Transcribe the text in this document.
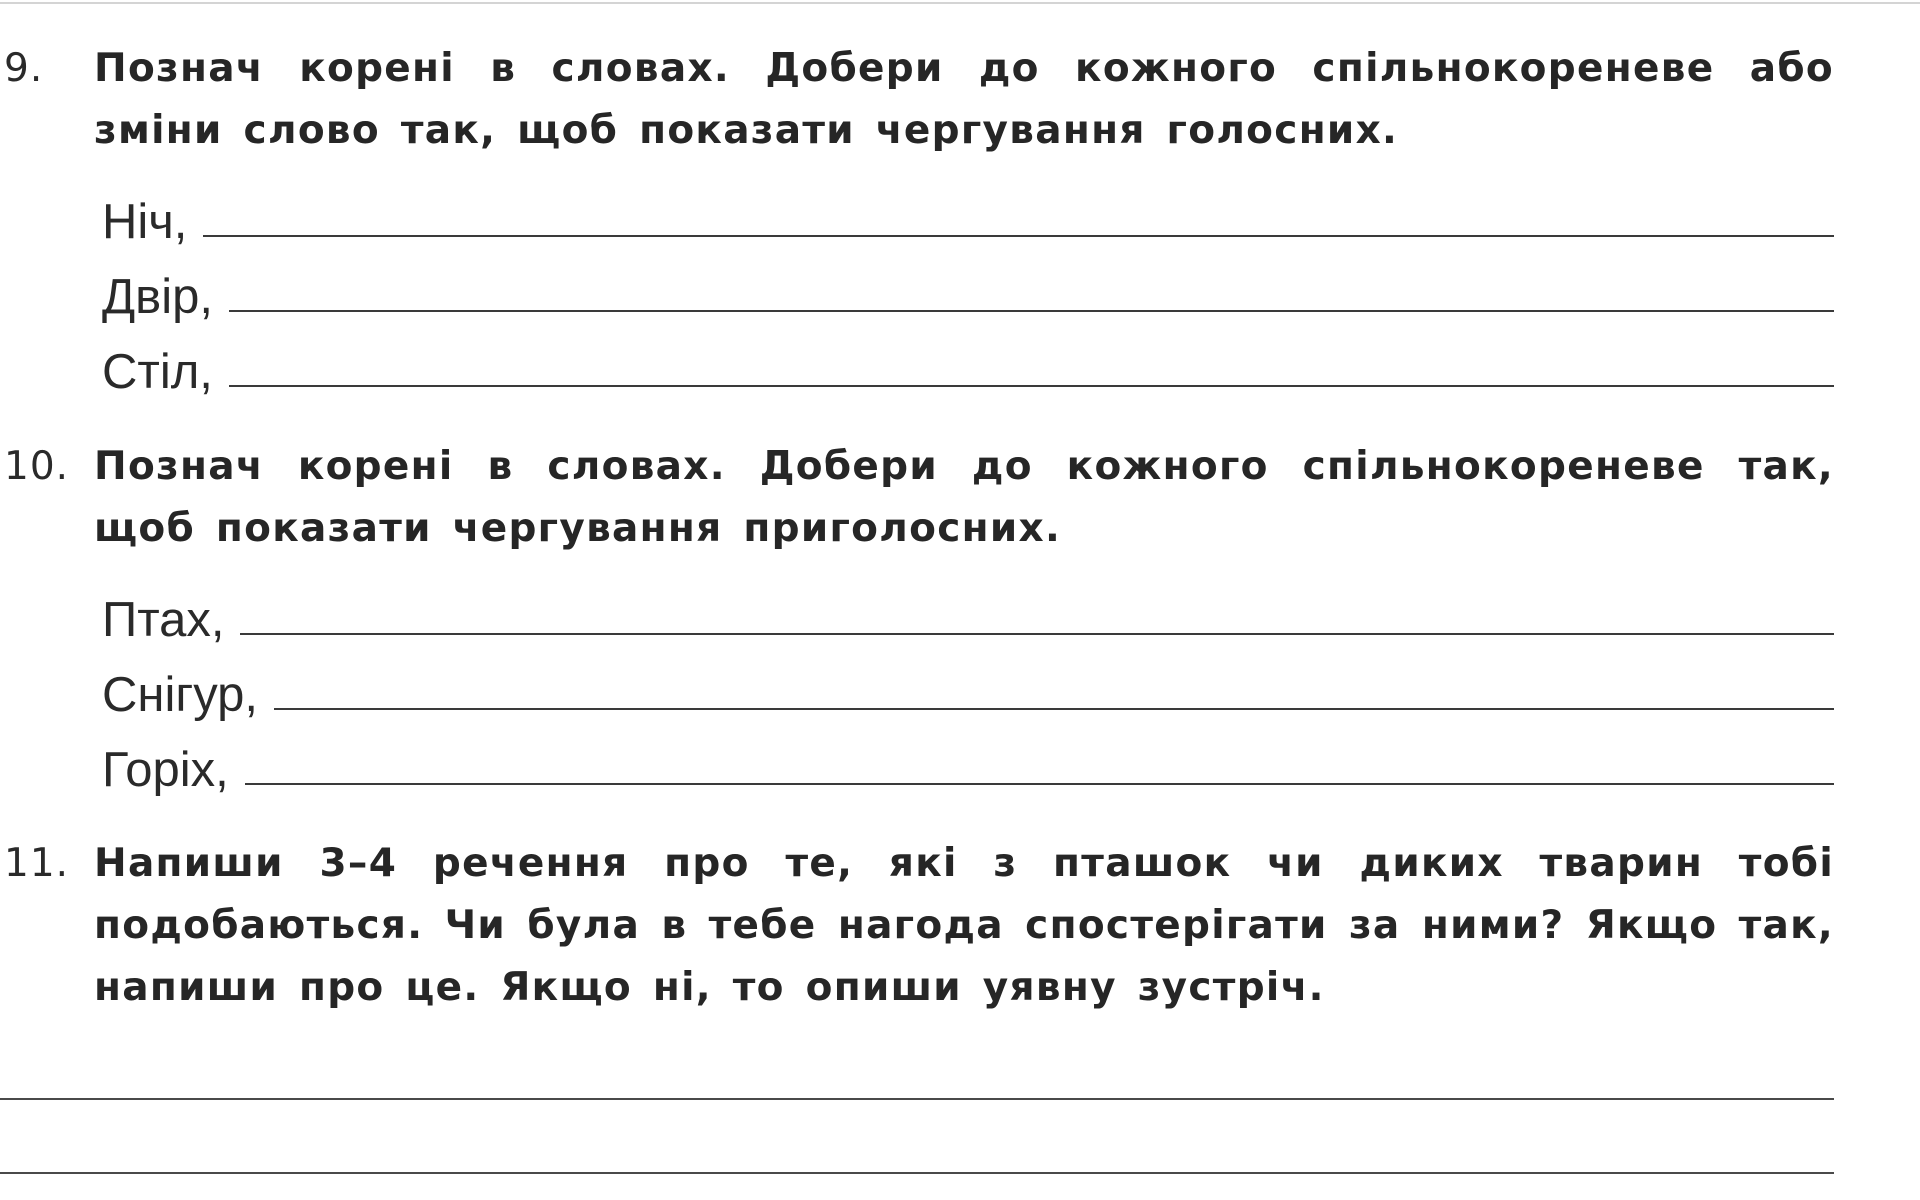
9. Познач корені в словах. Добери до кожного спільнокореневе або зміни слово так, щоб показати чергування голосних.
Ніч,
Двір,
Стіл,
10. Познач корені в словах. Добери до кожного спільнокореневе так, щоб показати чергування приголосних.
Птах,
Снігур,
Горіх,
11. Напиши 3–4 речення про те, які з пташок чи диких тварин тобі подобаються. Чи була в тебе нагода спостерігати за ними? Якщо так, напиши про це. Якщо ні, то опиши уявну зустріч.
